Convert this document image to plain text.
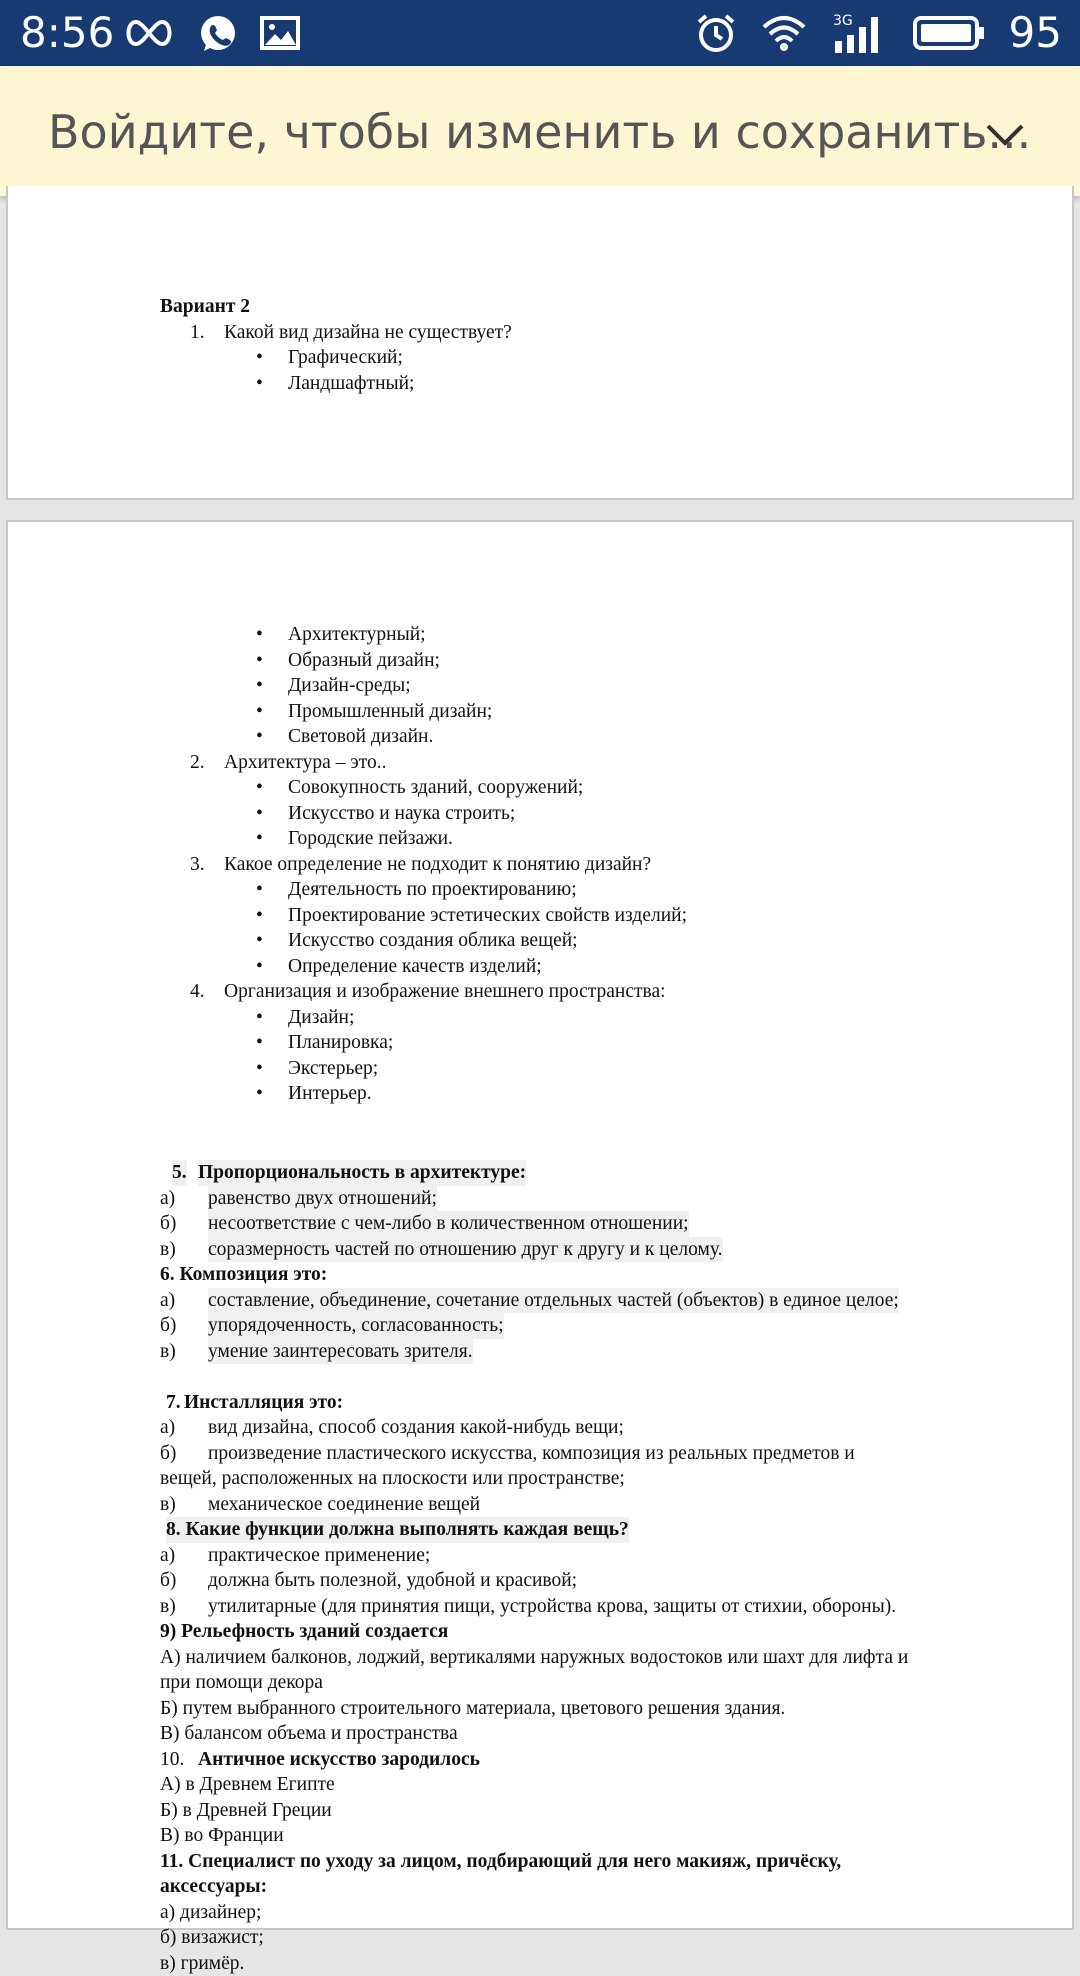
8:56	3G	95
Войдите, чтобы изменить и сохранить...
Вариант 2
1. Какой вид дизайна не существует?
• Графический;
• Ландшафтный;
• Архитектурный;
• Образный дизайн;
• Дизайн-среды;
• Промышленный дизайн;
• Световой дизайн.
2. Архитектура – это..
• Совокупность зданий, сооружений;
• Искусство и наука строить;
• Городские пейзажи.
3. Какое определение не подходит к понятию дизайн?
• Деятельность по проектированию;
• Проектирование эстетических свойств изделий;
• Искусство создания облика вещей;
• Определение качеств изделий;
4. Организация и изображение внешнего пространства:
• Дизайн;
• Планировка;
• Экстерьер;
• Интерьер.
5. Пропорциональность в архитектуре:
а) равенство двух отношений;
б) несоответствие с чем-либо в количественном отношении;
в) соразмерность частей по отношению друг к другу и к целому.
6. Композиция это:
а) составление, объединение, сочетание отдельных частей (объектов) в единое целое;
б) упорядоченность, согласованность;
в) умение заинтересовать зрителя.
7. Инсталляция это:
а) вид дизайна, способ создания какой-нибудь вещи;
б) произведение пластического искусства, композиция из реальных предметов и
вещей, расположенных на плоскости или пространстве;
в) механическое соединение вещей
8. Какие функции должна выполнять каждая вещь?
а) практическое применение;
б) должна быть полезной, удобной и красивой;
в) утилитарные (для принятия пищи, устройства крова, защиты от стихии, обороны).
9) Рельефность зданий создается
А) наличием балконов, лоджий, вертикалями наружных водостоков или шахт для лифта и
при помощи декора
Б) путем выбранного строительного материала, цветового решения здания.
В) балансом объема и пространства
10. Античное искусство зародилось
А) в Древнем Египте
Б) в Древней Греции
В) во Франции
11. Специалист по уходу за лицом, подбирающий для него макияж, причёску,
аксессуары:
а) дизайнер;
б) визажист;
в) гримёр.
